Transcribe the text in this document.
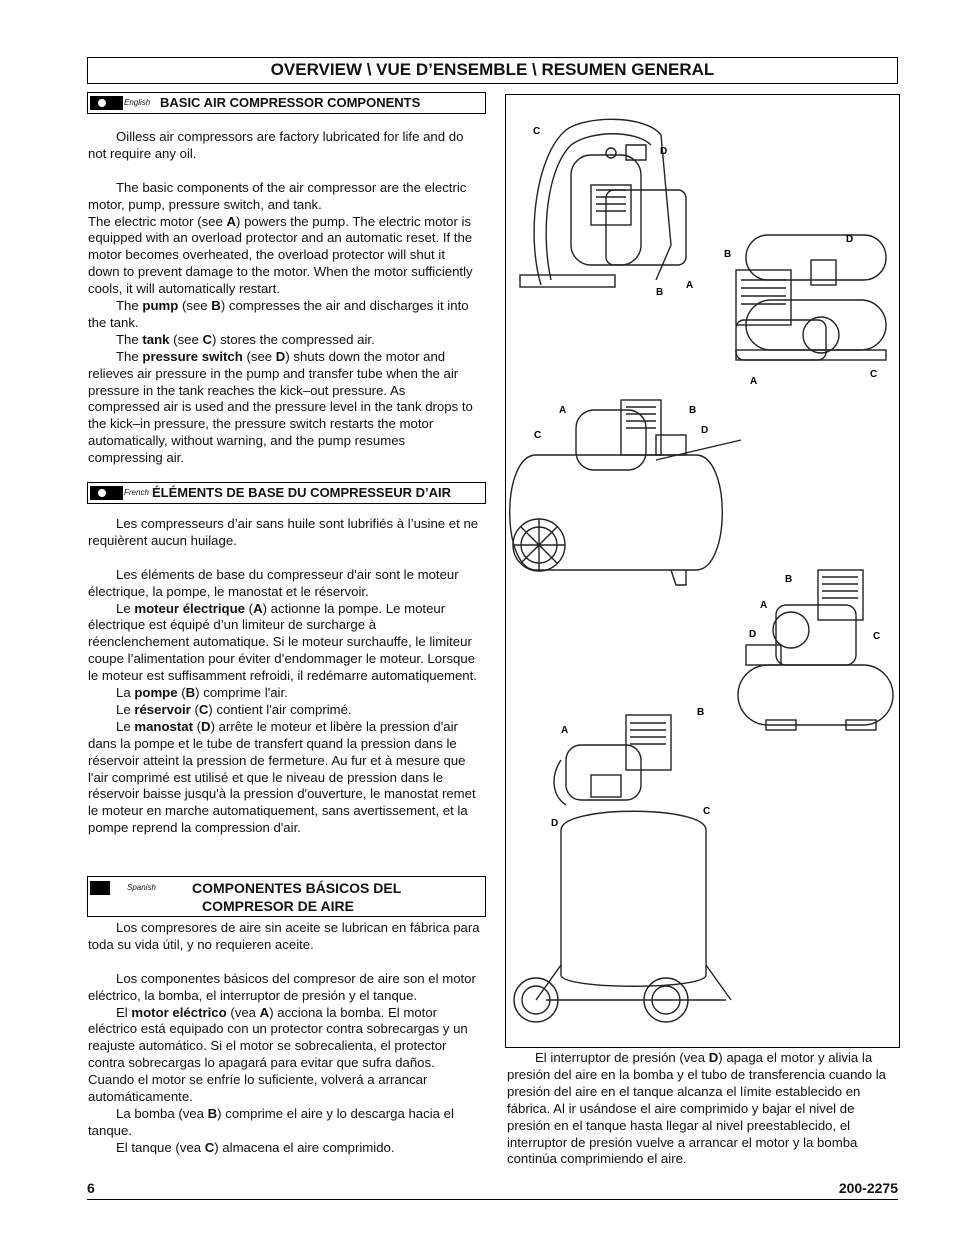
OVERVIEW \ VUE D’ENSEMBLE \ RESUMEN GENERAL
English BASIC AIR COMPRESSOR COMPONENTS

Oilless air compressors are factory lubricated for life and do not require any oil.

The basic components of the air compressor are the electric motor, pump, pressure switch, and tank.

The electric motor (see A) powers the pump. The electric motor is equipped with an overload protector and an automatic reset. If the motor becomes overheated, the overload protector will shut it down to prevent damage to the motor. When the motor sufficiently cools, it will automatically restart.

The pump (see B) compresses the air and discharges it into the tank.

The tank (see C) stores the compressed air.

The pressure switch (see D) shuts down the motor and relieves air pressure in the pump and transfer tube when the air pressure in the tank reaches the kick–out pressure. As compressed air is used and the pressure level in the tank drops to the kick–in pressure, the pressure switch restarts the motor automatically, without warning, and the pump resumes compressing air.

French ÉLÉMENTS DE BASE DU COMPRESSEUR D’AIR

Les compresseurs d’air sans huile sont lubrifiés à l’usine et ne requièrent aucun huilage.

Les éléments de base du compresseur d'air sont le moteur électrique, la pompe, le manostat et le réservoir.

Le moteur électrique (A) actionne la pompe. Le moteur électrique est équipé d’un limiteur de surcharge à réenclenchement automatique. Si le moteur surchauffe, le limiteur coupe l’alimentation pour éviter d’endommager le moteur. Lorsque le moteur est suffisamment refroidi, il redémarre automatiquement.

La pompe (B) comprime l'air.

Le réservoir (C) contient l'air comprimé.

Le manostat (D) arrête le moteur et libère la pression d'air dans la pompe et le tube de transfert quand la pression dans le réservoir atteint la pression de fermeture. Au fur et à mesure que l'air comprimé est utilisé et que le niveau de pression dans le réservoir baisse jusqu'à la pression d'ouverture, le manostat remet le moteur en marche automatiquement, sans avertissement, et la pompe reprend la compression d'air.

Spanish	COMPONENTES BÁSICOS DEL
COMPRESOR DE AIRE

Los compresores de aire sin aceite se lubrican en fábrica para toda su vida útil, y no requieren aceite.

Los componentes básicos del compresor de aire son el motor eléctrico, la bomba, el interruptor de presión y el tanque.

El motor eléctrico (vea A) acciona la bomba. El motor eléctrico está equipado con un protector contra sobrecargas y un reajuste automático. Si el motor se sobrecalienta, el protector contra sobrecargas lo apagará para evitar que sufra daños. Cuando el motor se enfríe lo suficiente, volverá a arrancar automáticamente.

La bomba (vea B) comprime el aire y lo descarga hacia el tanque.

El tanque (vea C) almacena el aire comprimido.

C
D
B
A
D
B
A
C
A	B
C	D
B
A
D	C
B
A
C
D

El interruptor de presión (vea D) apaga el motor y alivia la presión del aire en la bomba y el tubo de transferencia cuando la presión del aire en el tanque alcanza el límite establecido en fábrica. Al ir usándose el aire comprimido y bajar el nivel de presión en el tanque hasta llegar al nivel preestablecido, el interruptor de presión vuelve a arrancar el motor y la bomba continúa comprimiendo el aire.

6	200-2275
